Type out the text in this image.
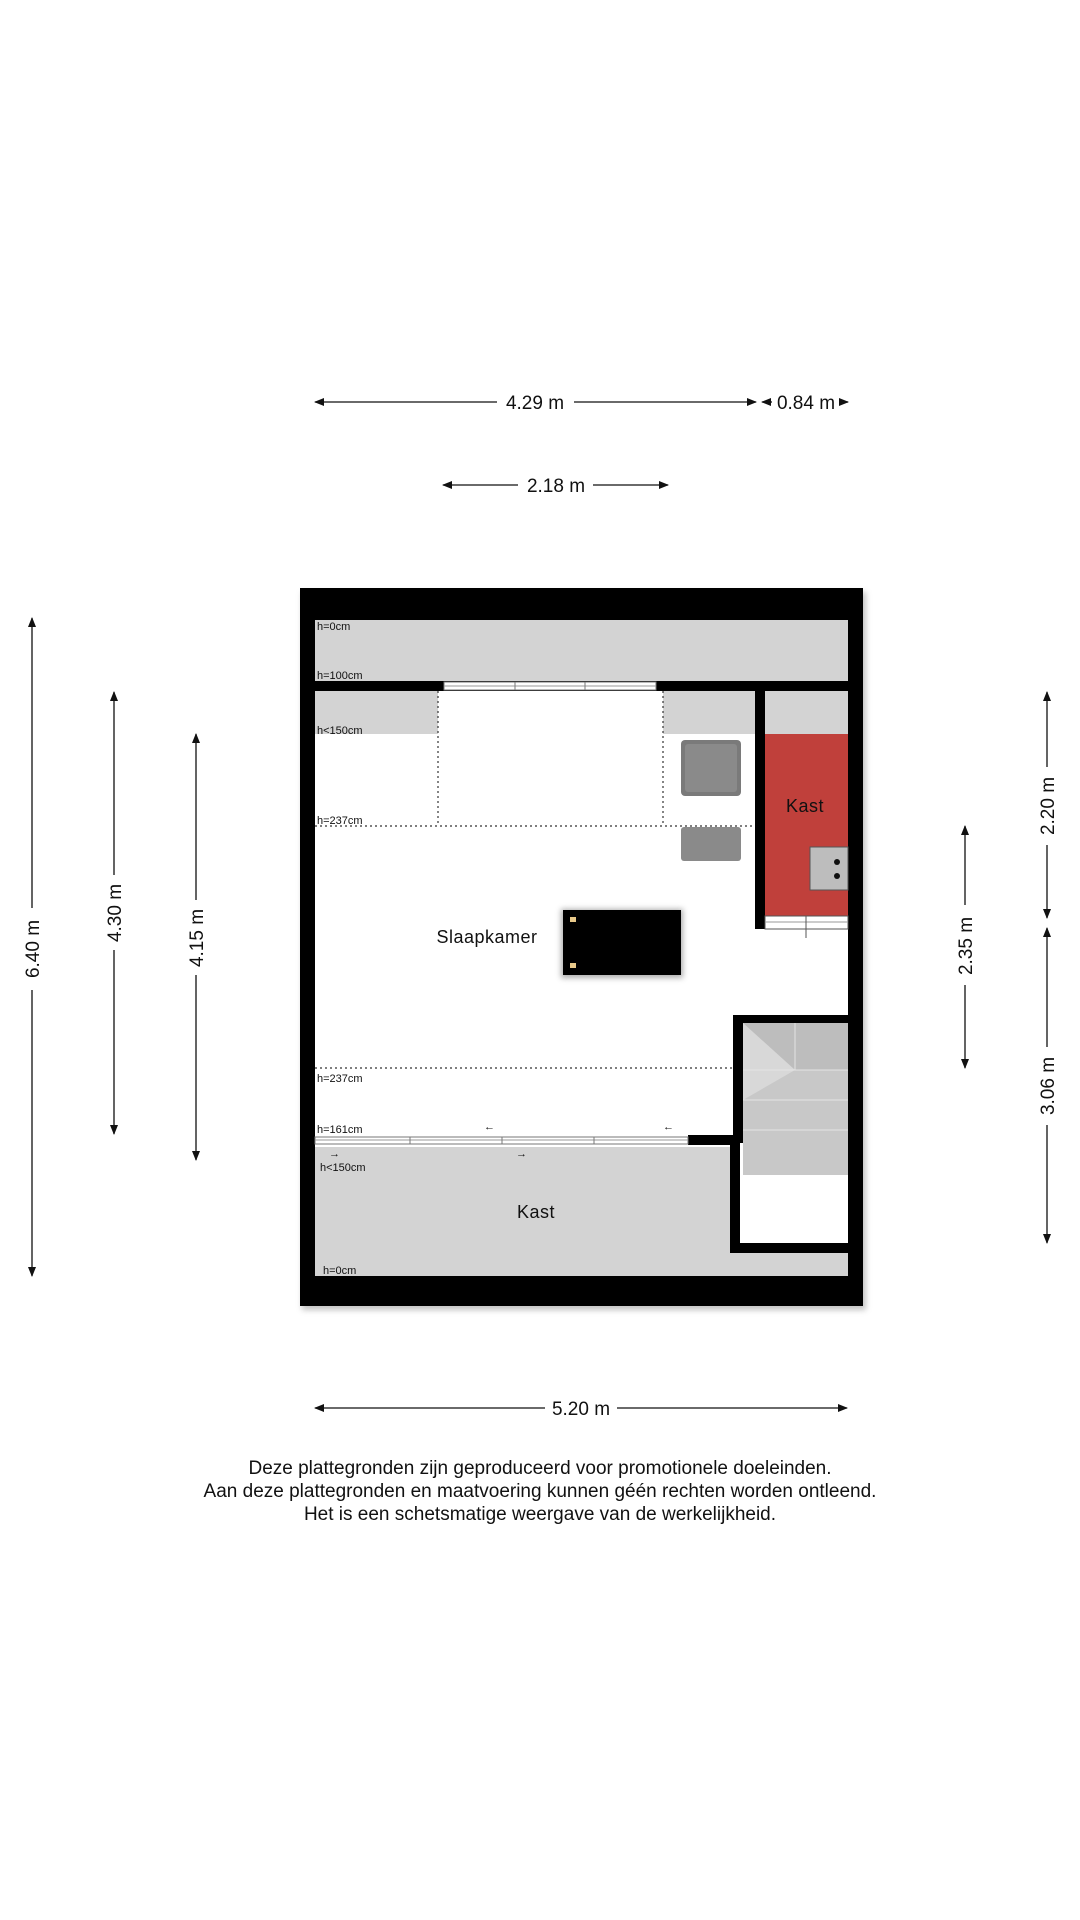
4.29 m	0.84 m
2.18 m
6.40 m
4.30 m	4.15 m	2.35 m
2.20 m
3.06 m
5.20 m
←	←
→	→
Slaapkamer
Kast
Kast
h=0cm
h=100cm
h<150cm
h=237cm
h=237cm
h=161cm
h<150cm
h=0cm
Deze plattegronden zijn geproduceerd voor promotionele doeleinden.
Aan deze plattegronden en maatvoering kunnen géén rechten worden ontleend.
Het is een schetsmatige weergave van de werkelijkheid.
